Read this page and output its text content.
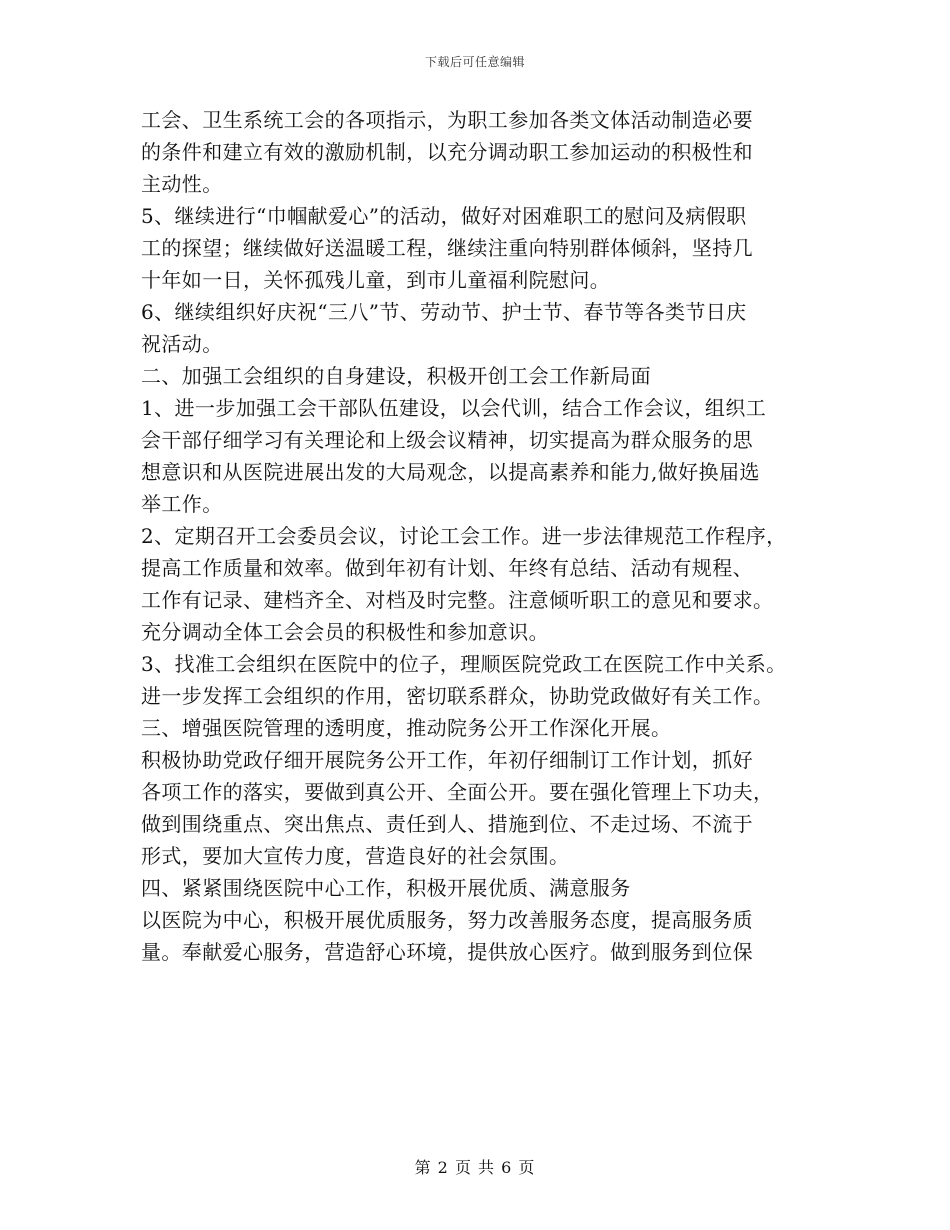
下载后可任意编辑
工会、卫生系统工会的各项指示，为职工参加各类文体活动制造必要
的条件和建立有效的激励机制，以充分调动职工参加运动的积极性和
主动性。
5、继续进行“巾帼献爱心”的活动，做好对困难职工的慰问及病假职
工的探望；继续做好送温暖工程，继续注重向特别群体倾斜，坚持几
十年如一日，关怀孤残儿童，到市儿童福利院慰问。
6、继续组织好庆祝“三八”节、劳动节、护士节、春节等各类节日庆
祝活动。
二、加强工会组织的自身建设，积极开创工会工作新局面
1、进一步加强工会干部队伍建设，以会代训，结合工作会议，组织工
会干部仔细学习有关理论和上级会议精神，切实提高为群众服务的思
想意识和从医院进展出发的大局观念，以提高素养和能力,做好换届选
举工作。
2、定期召开工会委员会议，讨论工会工作。进一步法律规范工作程序，
提高工作质量和效率。做到年初有计划、年终有总结、活动有规程、
工作有记录、建档齐全、对档及时完整。注意倾听职工的意见和要求。
充分调动全体工会会员的积极性和参加意识。
3、找准工会组织在医院中的位子，理顺医院党政工在医院工作中关系。
进一步发挥工会组织的作用，密切联系群众，协助党政做好有关工作。
三、增强医院管理的透明度，推动院务公开工作深化开展。
积极协助党政仔细开展院务公开工作，年初仔细制订工作计划，抓好
各项工作的落实，要做到真公开、全面公开。要在强化管理上下功夫，
做到围绕重点、突出焦点、责任到人、措施到位、不走过场、不流于
形式，要加大宣传力度，营造良好的社会氛围。
四、紧紧围绕医院中心工作，积极开展优质、满意服务
以医院为中心，积极开展优质服务，努力改善服务态度，提高服务质
量。奉献爱心服务，营造舒心环境，提供放心医疗。做到服务到位保
第 2 页 共 6 页
